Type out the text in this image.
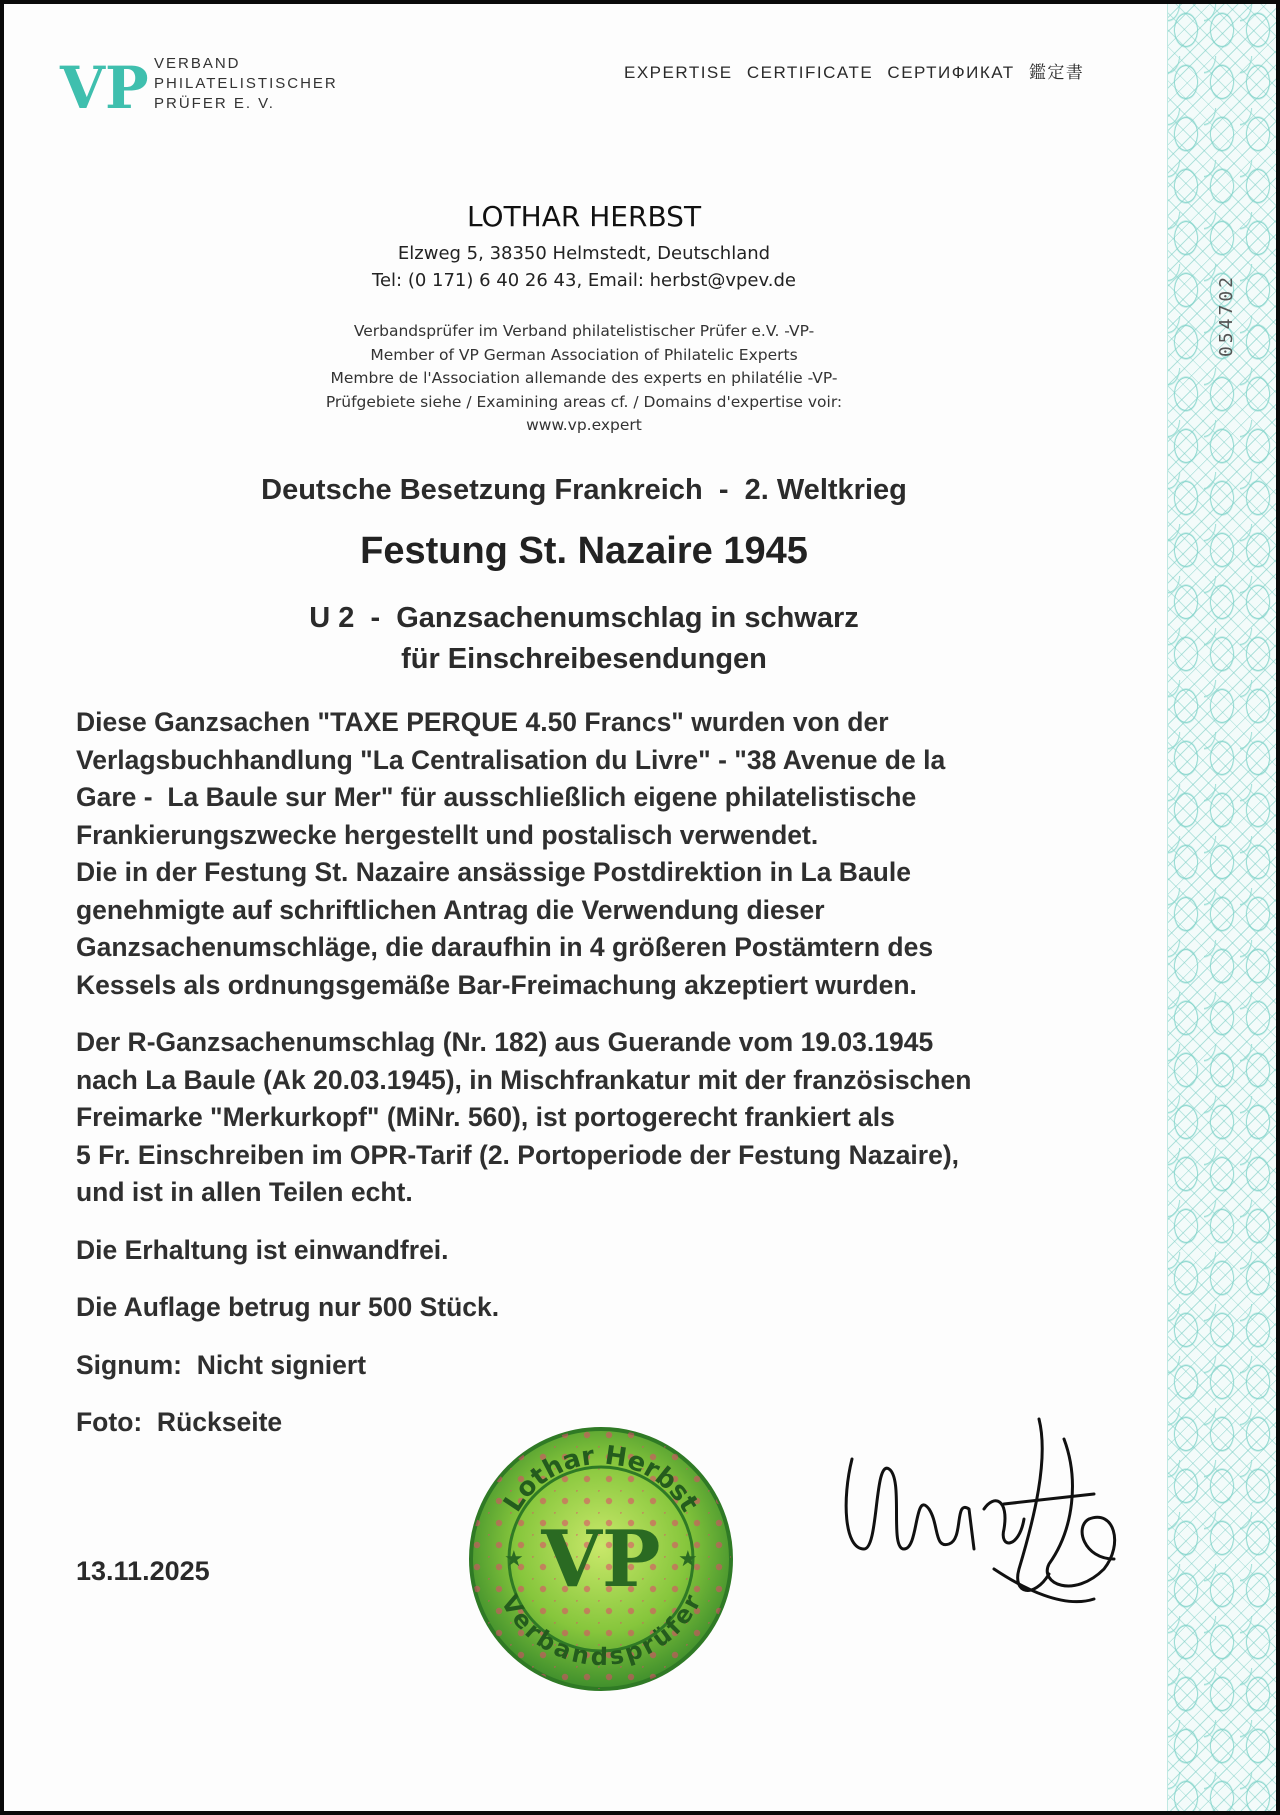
054702
VP VERBAND
PHILATELISTISCHER
PRÜFER E. V.
EXPERTISE CERTIFICATE СЕРТИФИКАТ 鑑定書
LOTHAR HERBST
Elzweg 5, 38350 Helmstedt, Deutschland
Tel: (0 171) 6 40 26 43, Email: herbst@vpev.de
Verbandsprüfer im Verband philatelistischer Prüfer e.V. -VP-
Member of VP German Association of Philatelic Experts
Membre de l'Association allemande des experts en philatélie -VP-
Prüfgebiete siehe / Examining areas cf. / Domains d'expertise voir:
www.vp.expert
Deutsche Besetzung Frankreich  -  2. Weltkrieg
Festung St. Nazaire 1945
U 2  -  Ganzsachenumschlag in schwarz
für Einschreibesendungen

Diese Ganzsachen "TAXE PERQUE 4.50 Francs" wurden von der
Verlagsbuchhandlung "La Centralisation du Livre" - "38 Avenue de la
Gare -  La Baule sur Mer" für ausschließlich eigene philatelistische
Frankierungszwecke hergestellt und postalisch verwendet.
Die in der Festung St. Nazaire ansässige Postdirektion in La Baule
genehmigte auf schriftlichen Antrag die Verwendung dieser
Ganzsachenumschläge, die daraufhin in 4 größeren Postämtern des
Kessels als ordnungsgemäße Bar-Freimachung akzeptiert wurden.

Der R-Ganzsachenumschlag (Nr. 182) aus Guerande vom 19.03.1945
nach La Baule (Ak 20.03.1945), in Mischfrankatur mit der französischen
Freimarke "Merkurkopf" (MiNr. 560), ist portogerecht frankiert als
5 Fr. Einschreiben im OPR-Tarif (2. Portoperiode der Festung Nazaire),
und ist in allen Teilen echt.

Die Erhaltung ist einwandfrei.

Die Auflage betrug nur 500 Stück.

Signum:  Nicht signiert

Foto:  Rückseite

13.11.2025
Lothar Herbst
Verbandsprüfer
VP
★	★
